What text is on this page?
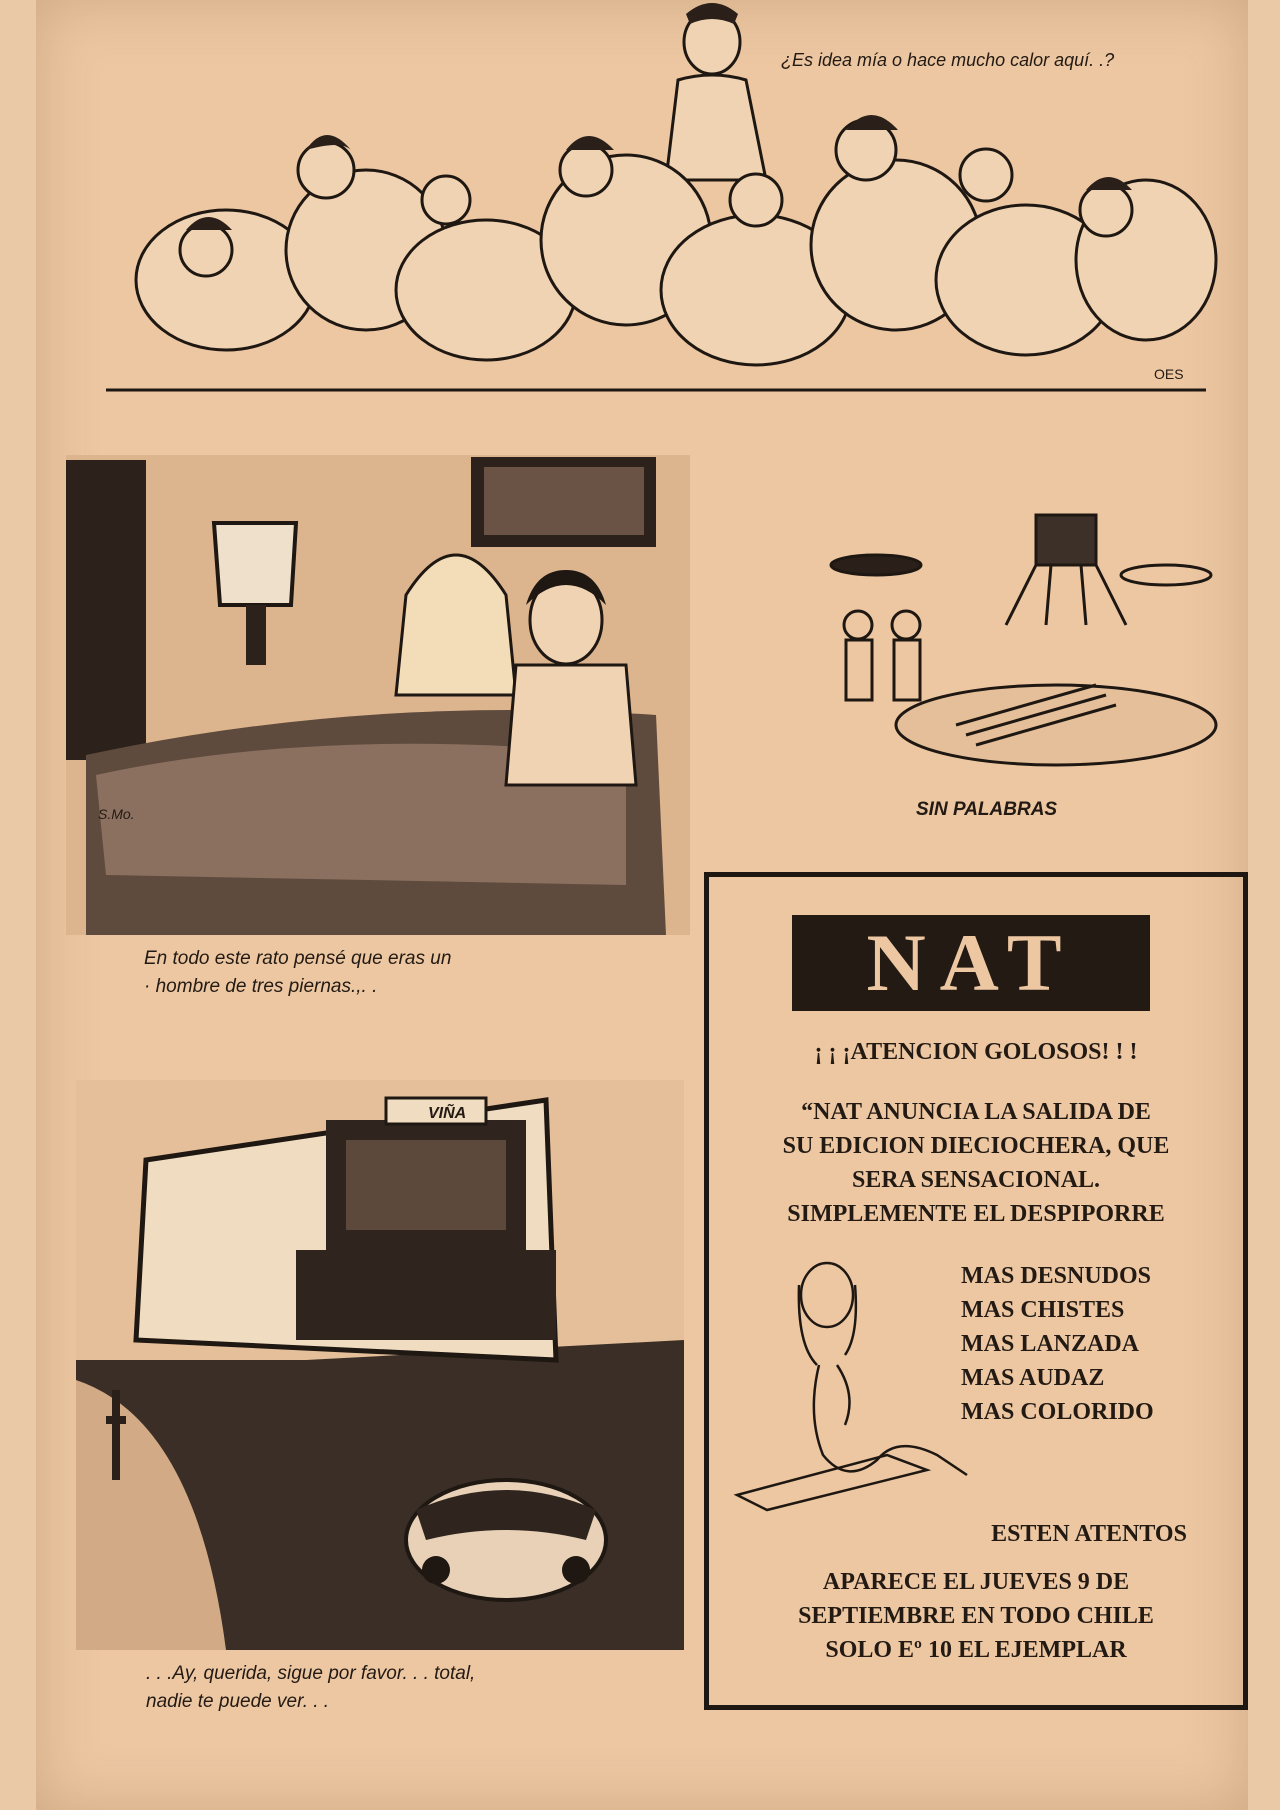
¿Es idea mía o hace mucho calor aquí. .?

OES

S.Mo.

En todo este rato pensé que eras un
· hombre de tres piernas.,. .

SIN PALABRAS

VIÑA

. . .Ay, querida, sigue por favor. . . total,
nadie te puede ver. . .

NAT

¡ ¡ ¡ATENCION GOLOSOS! ! !

“NAT ANUNCIA LA SALIDA DE

SU EDICION DIECIOCHERA, QUE

SERA SENSACIONAL.

SIMPLEMENTE EL DESPIPORRE

MAS DESNUDOS
MAS CHISTES
MAS LANZADA
MAS AUDAZ
MAS COLORIDO

ESTEN ATENTOS

APARECE EL JUEVES 9 DE

SEPTIEMBRE EN TODO CHILE

SOLO Eº 10 EL EJEMPLAR
